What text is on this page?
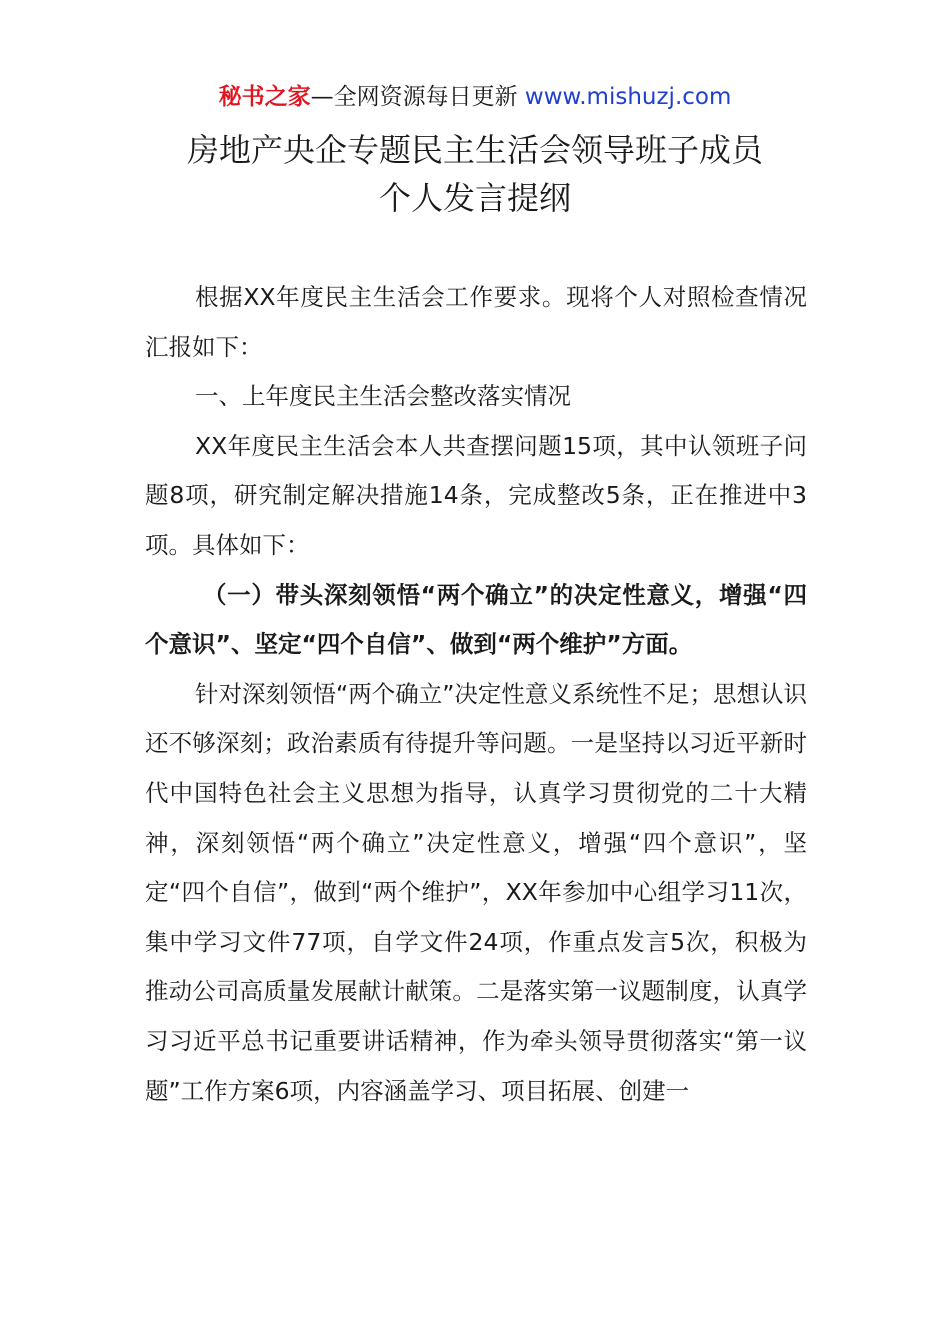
秘书之家—全网资源每日更新 www.mishuzj.com
房地产央企专题民主生活会领导班子成员
个人发言提纲

根据XX年度民主生活会工作要求。现将个人对照检查情况汇报如下：

一、上年度民主生活会整改落实情况

XX年度民主生活会本人共查摆问题15项，其中认领班子问题8项，研究制定解决措施14条，完成整改5条，正在推进中3项。具体如下：

（一）带头深刻领悟“两个确立”的决定性意义，增强“四个意识”、坚定“四个自信”、做到“两个维护”方面。

针对深刻领悟“两个确立”决定性意义系统性不足；思想认识还不够深刻；政治素质有待提升等问题。一是坚持以习近平新时代中国特色社会主义思想为指导，认真学习贯彻党的二十大精神，深刻领悟“两个确立”决定性意义，增强“四个意识”，坚定“四个自信”，做到“两个维护”，XX年参加中心组学习11次，集中学习文件77项，自学文件24项，作重点发言5次，积极为推动公司高质量发展献计献策。二是落实第一议题制度，认真学习习近平总书记重要讲话精神，作为牵头领导贯彻落实“第一议题”工作方案6项，内容涵盖学习、项目拓展、创建一
